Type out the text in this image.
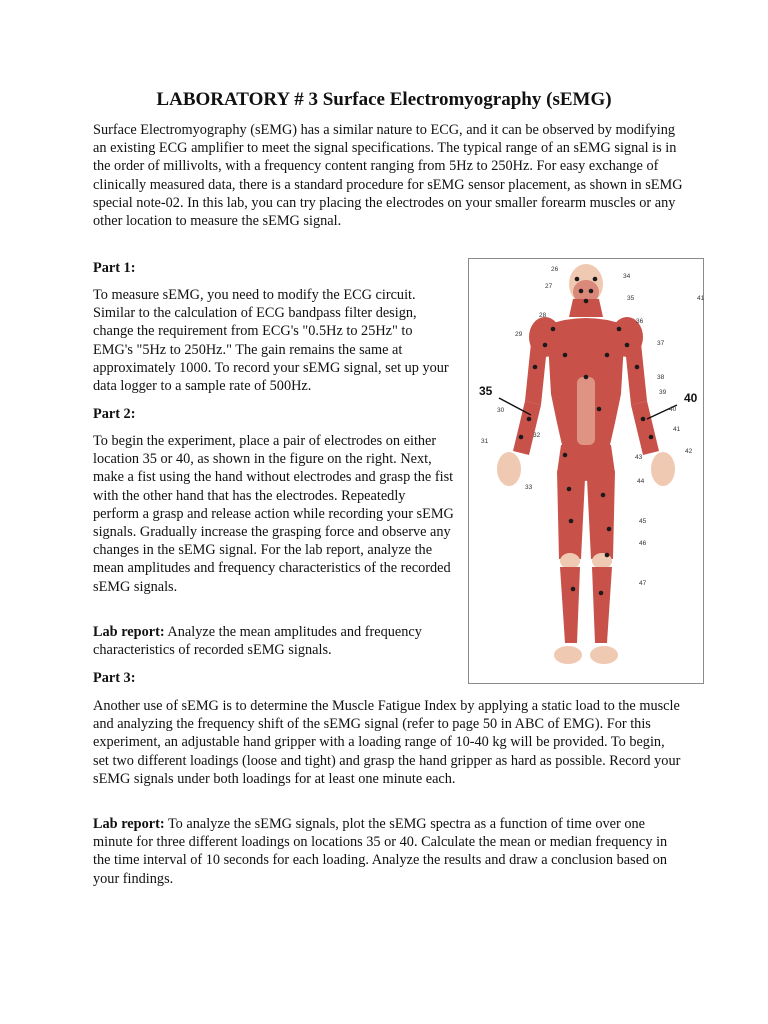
LABORATORY # 3 Surface Electromyography (sEMG)

Surface Electromyography (sEMG) has a similar nature to ECG, and it can be observed by modifying an existing ECG amplifier to meet the signal specifications. The typical range of an sEMG signal is in the order of millivolts, with a frequency content ranging from 5Hz to 250Hz. For easy exchange of clinically measured data, there is a standard procedure for sEMG sensor placement, as shown in sEMG special note-02. In this lab, you can try placing the electrodes on your smaller forearm muscles or any other location to measure the sEMG signal.

Part 1:

To measure sEMG, you need to modify the ECG circuit. Similar to the calculation of ECG bandpass filter design, change the requirement from ECG's "0.5Hz to 25Hz" to EMG's "5Hz to 250Hz." The gain remains the same at approximately 1000. To record your sEMG signal, set up your data logger to a sample rate of 500Hz.

Part 2:

To begin the experiment, place a pair of electrodes on either location 35 or 40, as shown in the figure on the right. Next, make a fist using the hand without electrodes and grasp the fist with the other hand that has the electrodes. Repeatedly perform a grasp and release action while recording your sEMG signals. Gradually increase the grasping force and observe any changes in the sEMG signal. For the lab report, analyze the mean amplitudes and frequency characteristics of the recorded sEMG signals.

Lab report: Analyze the mean amplitudes and frequency characteristics of recorded sEMG signals.

Part 3:

Another use of sEMG is to determine the Muscle Fatigue Index by applying a static load to the muscle and analyzing the frequency shift of the sEMG signal (refer to page 50 in ABC of EMG). For this experiment, an adjustable hand gripper with a loading range of 10-40 kg will be provided. To begin, set two different loadings (loose and tight) and grasp the hand gripper as hard as possible. Record your sEMG signals under both loadings for at least one minute each.

Lab report: To analyze the sEMG signals, plot the sEMG spectra as a function of time over one minute for three different loadings on locations 35 or 40. Calculate the mean or median frequency in the time interval of 10 seconds for each loading. Analyze the results and draw a conclusion based on your findings.

35	40
26
34
27
35	41
28
36
29
37
38
39
30	40
31
32
41
42
43
33
44
45
46
47
